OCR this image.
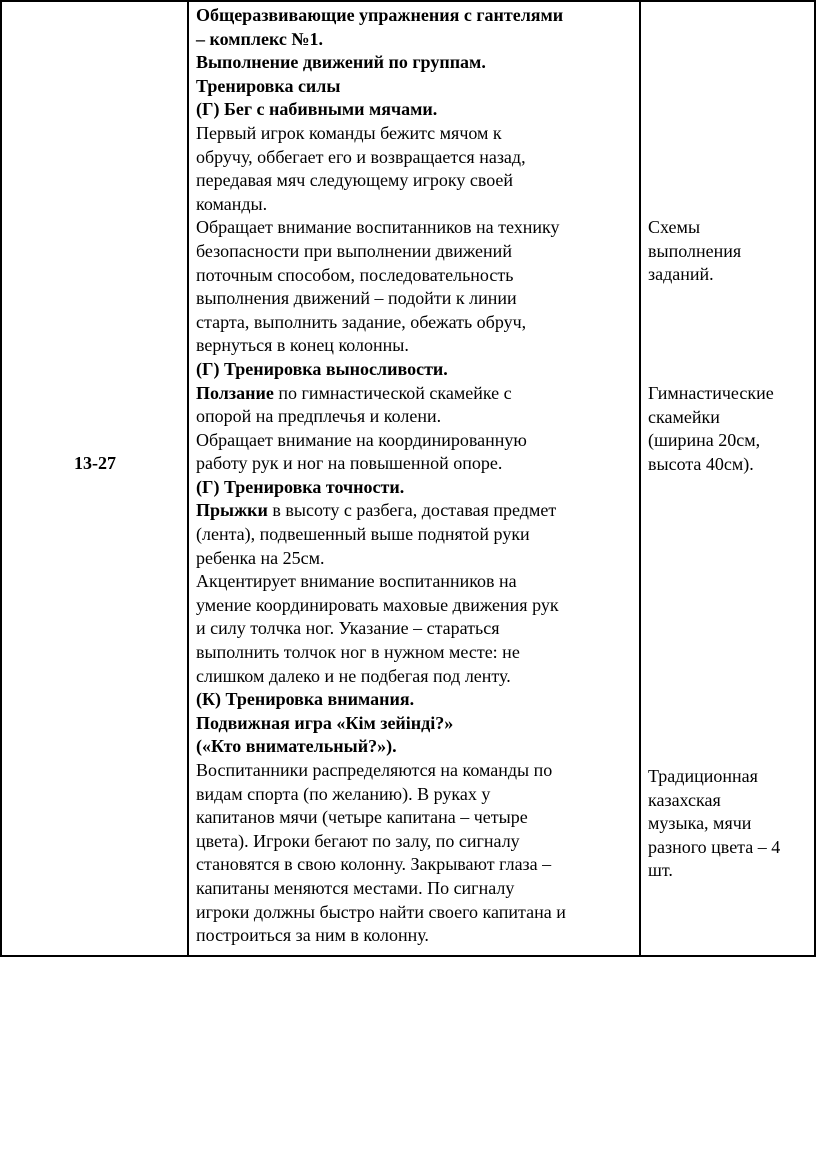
13-27
Общеразвивающие упражнения с гантелями
– комплекс №1.
Выполнение движений по группам.
Тренировка силы
(Г) Бег с набивными мячами.
Первый игрок команды бежитс мячом к
обручу, оббегает его и возвращается назад,
передавая мяч следующему игроку своей
команды.
Обращает внимание воспитанников на технику
безопасности при выполнении движений
поточным способом, последовательность
выполнения движений – подойти к линии
старта, выполнить задание, обежать обруч,
вернуться в конец колонны.
(Г) Тренировка выносливости.
Ползание по гимнастической скамейке с
опорой на предплечья и колени.
Обращает внимание на координированную
работу рук и ног на повышенной опоре.
(Г) Тренировка точности.
Прыжки в высоту с разбега, доставая предмет
(лента), подвешенный выше поднятой руки
ребенка на 25см.
Акцентирует внимание воспитанников на
умение координировать маховые движения рук
и силу толчка ног. Указание – стараться
выполнить толчок ног в нужном месте: не
слишком далеко и не подбегая под ленту.
(К) Тренировка внимания.
Подвижная игра «Кім зейінді?»
(«Кто внимательный?»).
Воспитанники распределяются на команды по
видам спорта (по желанию). В руках у
капитанов мячи (четыре капитана – четыре
цвета). Игроки бегают по залу, по сигналу
становятся в свою колонну. Закрывают глаза –
капитаны меняются местами. По сигналу
игроки должны быстро найти своего капитана и
построиться за ним в колонну.
Схемы
выполнения
заданий.
Гимнастические
скамейки
(ширина 20см,
высота 40см).
Традиционная
казахская
музыка, мячи
разного цвета – 4
шт.
